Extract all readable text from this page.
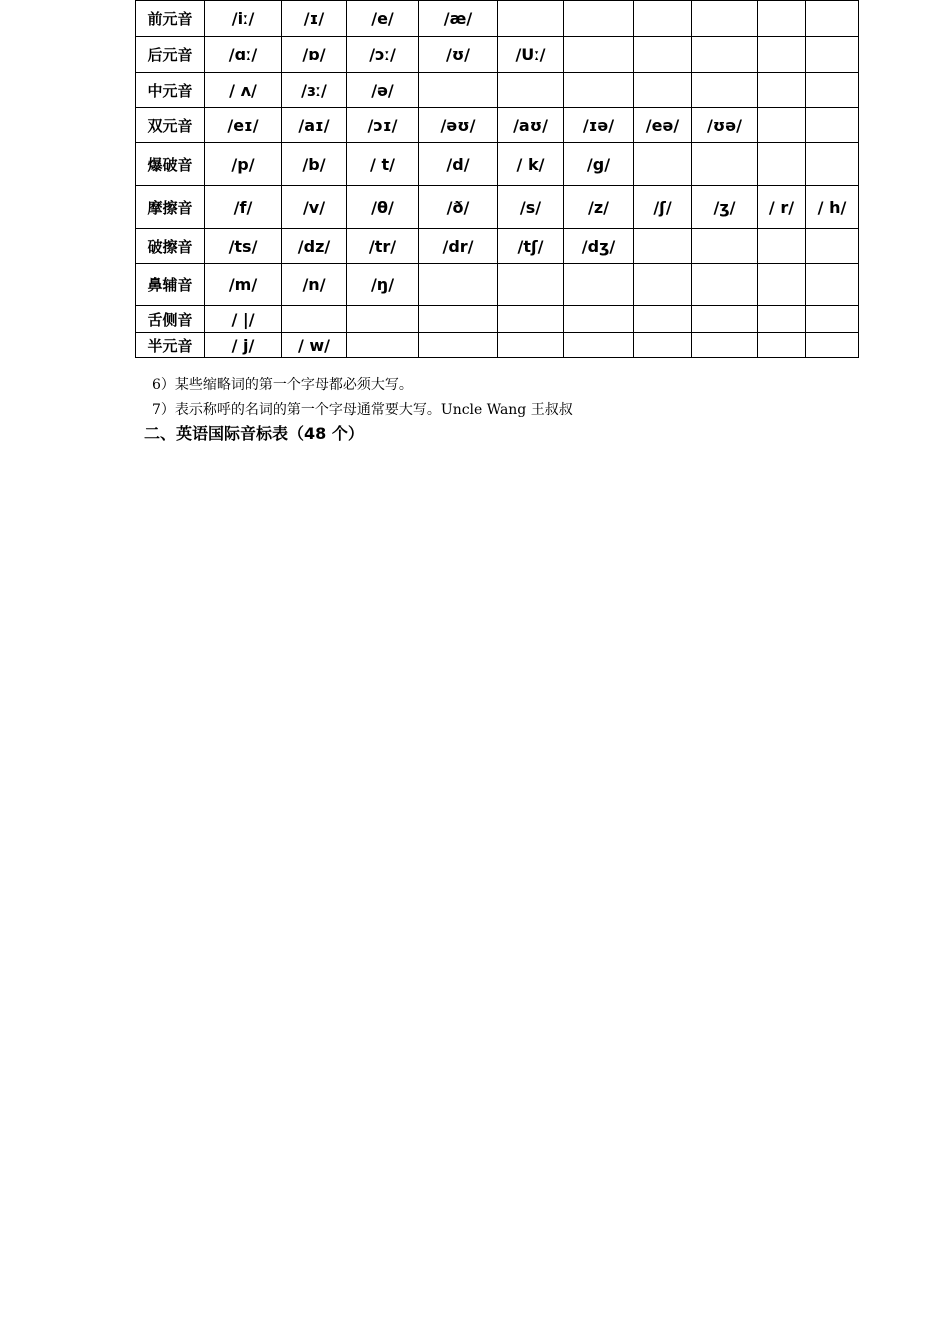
前元音	/iː/	/ɪ/	/e/	/æ/						
后元音	/ɑː/	/ɒ/	/ɔː/	/ʊ/	/Uː/					
中元音	/ ʌ/	/ɜː/	/ə/							
双元音	/eɪ/	/aɪ/	/ɔɪ/	/əʊ/	/aʊ/	/ɪə/	/eə/	/ʊə/		
爆破音	/p/	/b/	/ t/	/d/	/ k/	/g/				
摩擦音	/f/	/v/	/θ/	/ð/	/s/	/z/	/ʃ/	/ʒ/	/ r/	/ h/
破擦音	/ts/	/dz/	/tr/	/dr/	/tʃ/	/dʒ/				
鼻辅音	/m/	/n/	/ŋ/							
舌侧音	/ |/									
半元音	/ j/	/ w/								
6）某些缩略词的第一个字母都必须大写。
7）表示称呼的名词的第一个字母通常要大写。Uncle Wang 王叔叔
二、英语国际音标表（48 个）
